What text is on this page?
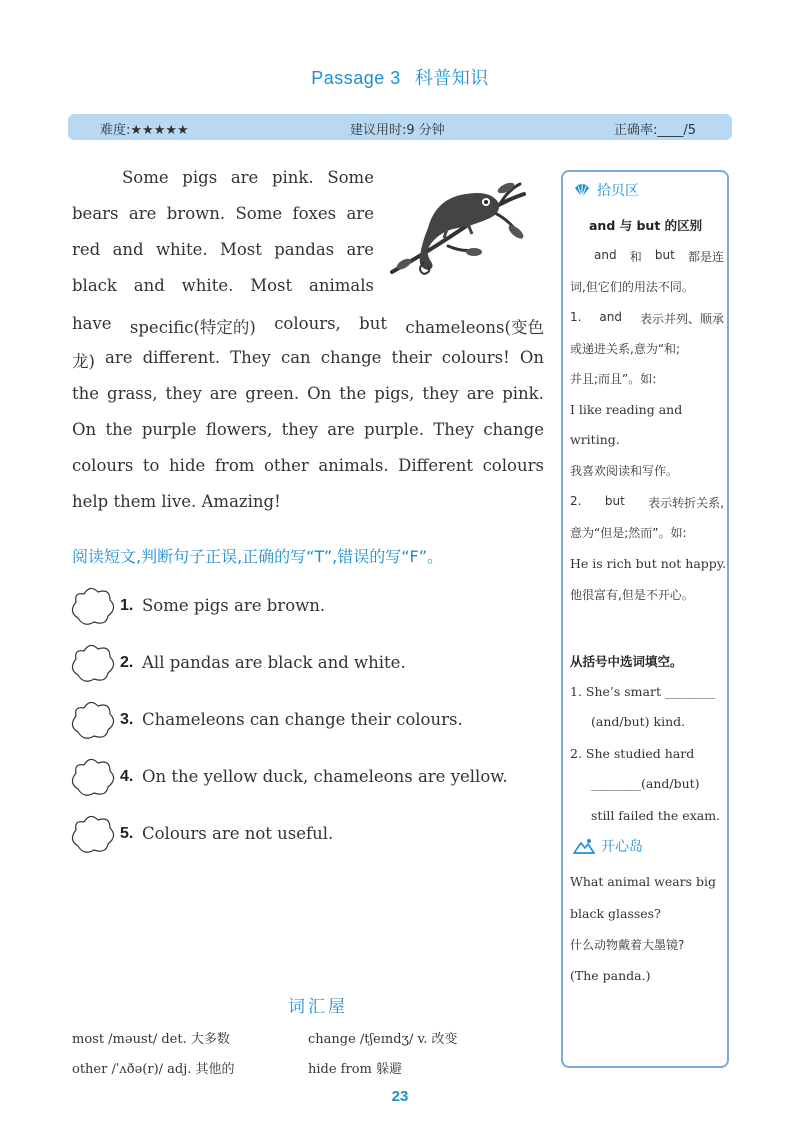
Passage 3 科普知识
难度:★★★★★	建议用时:9 分钟	正确率:____/5
Some pigs are pink. Some
bears are brown. Some foxes are
red and white. Most pandas are
black and white. Most animals
have specific(特定的) colours, but chameleons(变色
龙) are different. They can change their colours! On
the grass, they are green. On the pigs, they are pink.
On the purple flowers, they are purple. They change
colours to hide from other animals. Different colours
help them live. Amazing!
阅读短文,判断句子正误,正确的写“T”,错误的写“F”。
1. Some pigs are brown.
2. All pandas are black and white.
3. Chameleons can change their colours.
4. On the yellow duck, chameleons are yellow.
5. Colours are not useful.
词汇屋
most /məust/ det. 大多数	change /tʃeɪndʒ/ v. 改变
other /ˈʌðə(r)/ adj. 其他的	hide from 躲避
23
拾贝区
and 与 but 的区别
and 和 but 都是连
词,但它们的用法不同。
1. and 表示并列、顺承
或递进关系,意为“和;
并且;而且”。如:
I like reading and
writing.
我喜欢阅读和写作。
2. but 表示转折关系,
意为“但是;然而”。如:
He is rich but not happy.
他很富有,但是不开心。
从括号中选词填空。
1. She’s smart ________
(and/but) kind.
2. She studied hard
________(and/but)
still failed the exam.
开心岛
What animal wears big
black glasses?
什么动物戴着大墨镜?
(The panda.)
